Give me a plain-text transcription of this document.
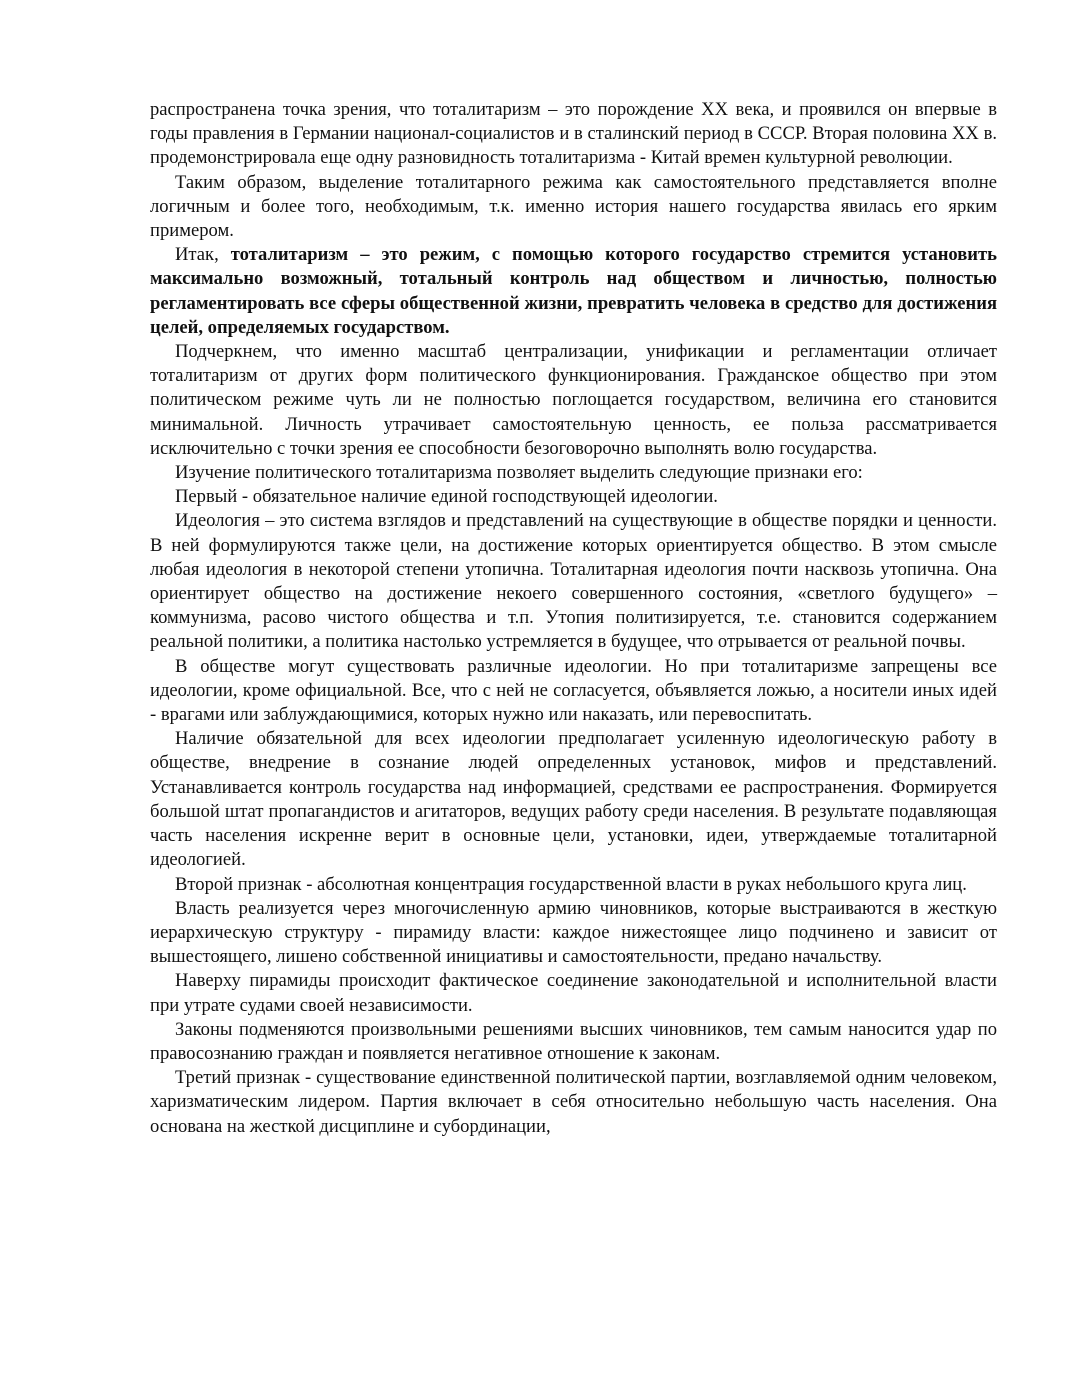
распространена точка зрения, что тоталитаризм – это порождение ХХ века, и проявился он впервые в годы правления в Германии национал-социалистов и в сталинский период в СССР. Вторая половина ХХ в. продемонстрировала еще одну разновидность тоталитаризма - Китай времен культурной революции.

Таким образом, выделение тоталитарного режима как самостоятельного представляется вполне логичным и более того, необходимым, т.к. именно история нашего государства явилась его ярким примером.

Итак, тоталитаризм – это режим, с помощью которого государство стремится установить максимально возможный, тотальный контроль над обществом и личностью, полностью регламентировать все сферы общественной жизни, превратить человека в средство для достижения целей, определяемых государством.

Подчеркнем, что именно масштаб централизации, унификации и регламентации отличает тоталитаризм от других форм политического функционирования. Гражданское общество при этом политическом режиме чуть ли не полностью поглощается государством, величина его становится минимальной. Личность утрачивает самостоятельную ценность, ее польза рассматривается исключительно с точки зрения ее способности безоговорочно выполнять волю государства.

Изучение политического тоталитаризма позволяет выделить следующие признаки его:

Первый - обязательное наличие единой господствующей идеологии.

Идеология – это система взглядов и представлений на существующие в обществе порядки и ценности. В ней формулируются также цели, на достижение которых ориентируется общество. В этом смысле любая идеология в некоторой степени утопична. Тоталитарная идеология почти насквозь утопична. Она ориентирует общество на достижение некоего совершенного состояния, «светлого будущего» – коммунизма, расово чистого общества и т.п. Утопия политизируется, т.е. становится содержанием реальной политики, а политика настолько устремляется в будущее, что отрывается от реальной почвы.

В обществе могут существовать различные идеологии. Но при тоталитаризме запрещены все идеологии, кроме официальной. Все, что с ней не согласуется, объявляется ложью, а носители иных идей - врагами или заблуждающимися, которых нужно или наказать, или перевоспитать.

Наличие обязательной для всех идеологии предполагает усиленную идеологическую работу в обществе, внедрение в сознание людей определенных установок, мифов и представлений. Устанавливается контроль государства над информацией, средствами ее распространения. Формируется большой штат пропагандистов и агитаторов, ведущих работу среди населения. В результате подавляющая часть населения искренне верит в основные цели, установки, идеи, утверждаемые тоталитарной идеологией.

Второй признак - абсолютная концентрация государственной власти в руках небольшого круга лиц.

Власть реализуется через многочисленную армию чиновников, которые выстраиваются в жесткую иерархическую структуру - пирамиду власти: каждое нижестоящее лицо подчинено и зависит от вышестоящего, лишено собственной инициативы и самостоятельности, предано начальству.

Наверху пирамиды происходит фактическое соединение законодательной и исполнительной власти при утрате судами своей независимости.

Законы подменяются произвольными решениями высших чиновников, тем самым наносится удар по правосознанию граждан и появляется негативное отношение к законам.

Третий признак - существование единственной политической партии, возглавляемой одним человеком, харизматическим лидером. Партия включает в себя относительно небольшую часть населения. Она основана на жесткой дисциплине и субординации,
